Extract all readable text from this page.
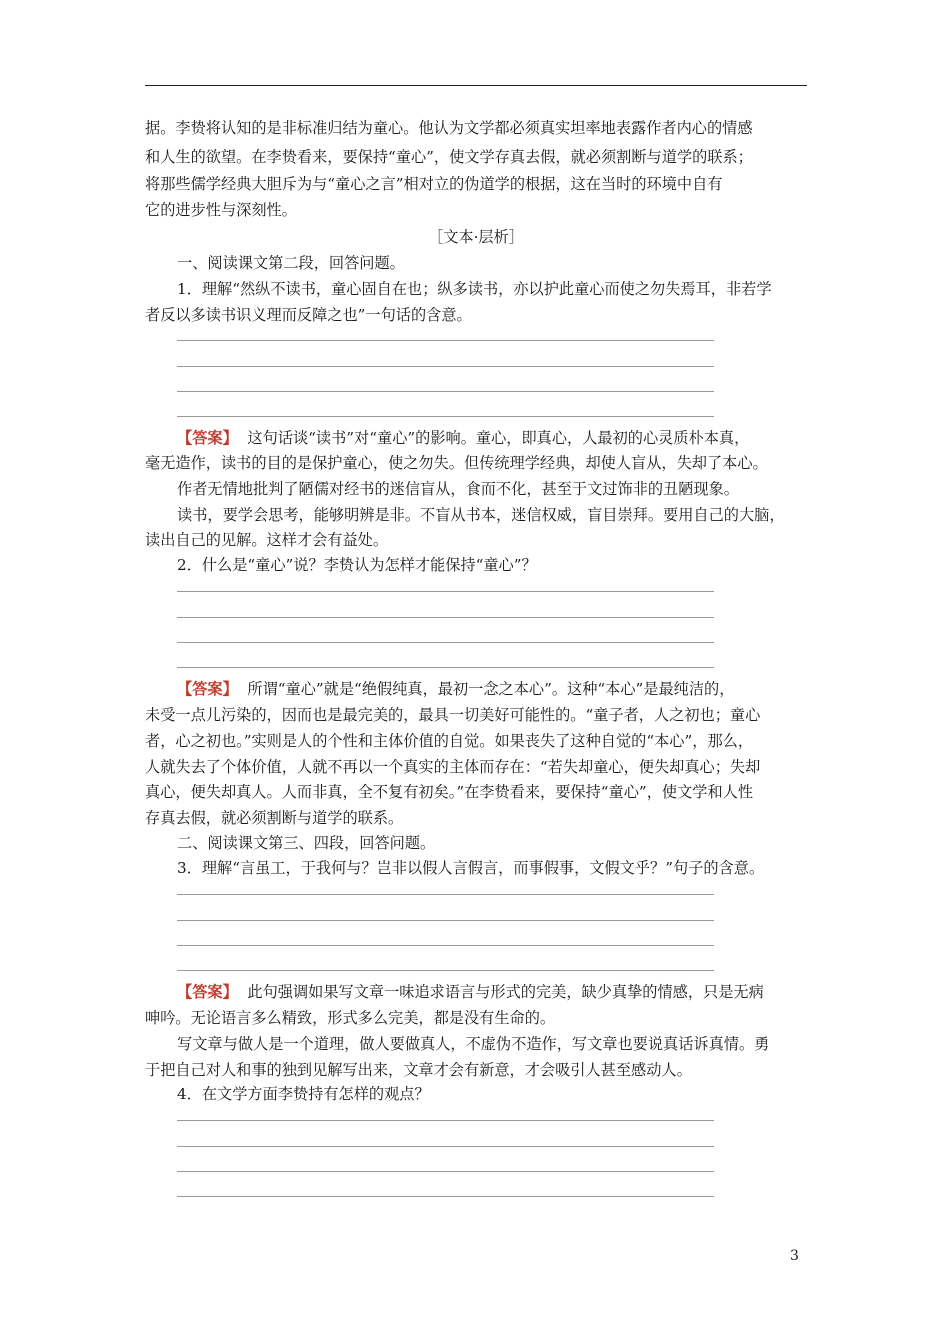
据。李贽将认知的是非标准归结为童心。他认为文学都必须真实坦率地表露作者内心的情感
和人生的欲望。在李贽看来，要保持“童心”，使文学存真去假，就必须割断与道学的联系；
将那些儒学经典大胆斥为与“童心之言”相对立的伪道学的根据，这在当时的环境中自有
它的进步性与深刻性。
［文本·层析］
一、阅读课文第二段，回答问题。
1．理解“然纵不读书，童心固自在也；纵多读书，亦以护此童心而使之勿失焉耳，非若学
者反以多读书识义理而反障之也”一句话的含意。
【答案】 这句话谈“读书”对“童心”的影响。童心，即真心，人最初的心灵质朴本真，
毫无造作，读书的目的是保护童心，使之勿失。但传统理学经典，却使人盲从，失却了本心。
作者无情地批判了陋儒对经书的迷信盲从，食而不化，甚至于文过饰非的丑陋现象。
读书，要学会思考，能够明辨是非。不盲从书本，迷信权威，盲目崇拜。要用自己的大脑，
读出自己的见解。这样才会有益处。
2．什么是“童心”说？李贽认为怎样才能保持“童心”？
【答案】 所谓“童心”就是“绝假纯真，最初一念之本心”。这种“本心”是最纯洁的，
未受一点儿污染的，因而也是最完美的，最具一切美好可能性的。“童子者，人之初也；童心
者，心之初也。”实则是人的个性和主体价值的自觉。如果丧失了这种自觉的“本心”，那么，
人就失去了个体价值，人就不再以一个真实的主体而存在：“若失却童心，便失却真心；失却
真心，便失却真人。人而非真，全不复有初矣。”在李贽看来，要保持“童心”，使文学和人性
存真去假，就必须割断与道学的联系。
二、阅读课文第三、四段，回答问题。
3．理解“言虽工，于我何与？岂非以假人言假言，而事假事，文假文乎？”句子的含意。
【答案】 此句强调如果写文章一味追求语言与形式的完美，缺少真挚的情感，只是无病
呻吟。无论语言多么精致，形式多么完美，都是没有生命的。
写文章与做人是一个道理，做人要做真人，不虚伪不造作，写文章也要说真话诉真情。勇
于把自己对人和事的独到见解写出来，文章才会有新意，才会吸引人甚至感动人。
4．在文学方面李贽持有怎样的观点？
3
